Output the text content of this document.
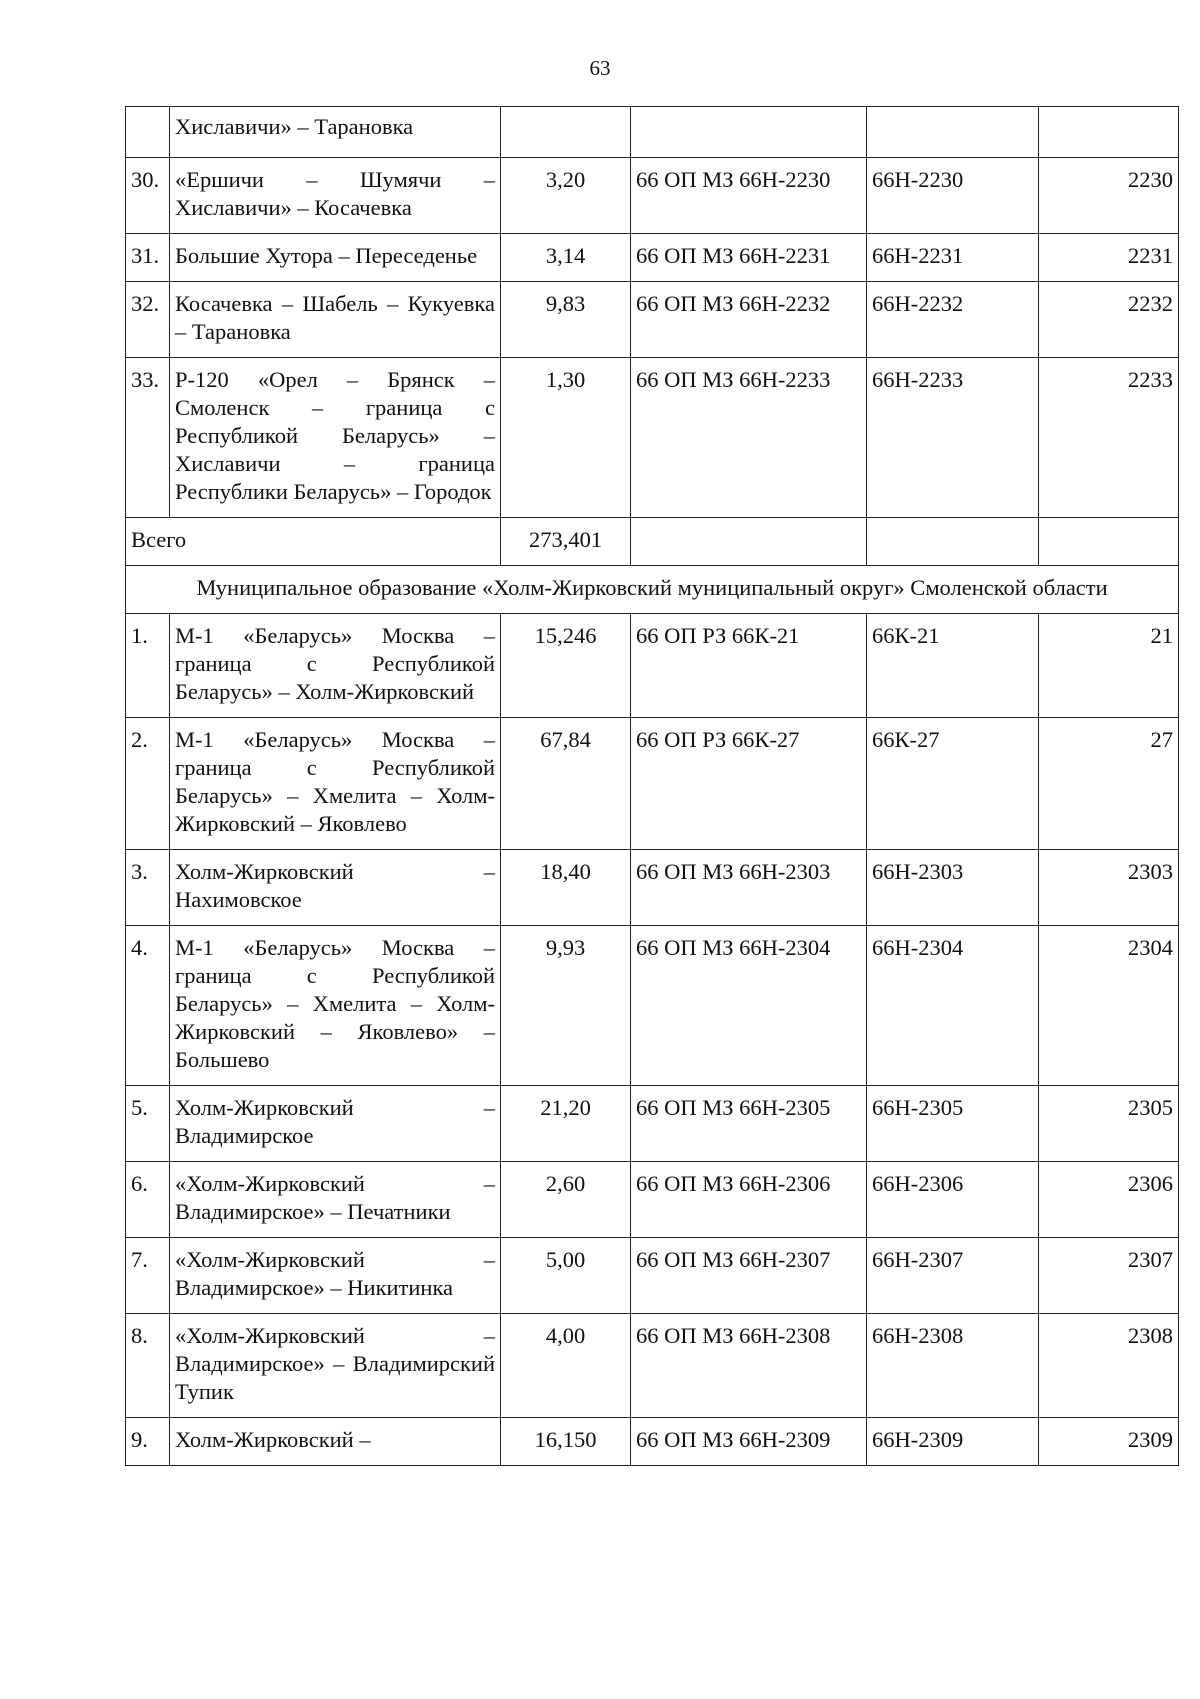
63
	Хиславичи» – Тарановка				
30.	«Ершичи – Шумячи – Хиславичи» – Косачевка	3,20	66 ОП МЗ 66Н-2230	66Н-2230	2230
31.	Большие Хутора – Переседенье	3,14	66 ОП МЗ 66Н-2231	66Н-2231	2231
32.	Косачевка – Шабель – Кукуевка – Тарановка	9,83	66 ОП МЗ 66Н-2232	66Н-2232	2232
33.	Р-120 «Орел – Брянск – Смоленск – граница с Республикой Беларусь» – Хиславичи – граница Республики Беларусь» – Городок	1,30	66 ОП МЗ 66Н-2233	66Н-2233	2233
Всего		273,401			
Муниципальное образование «Холм-Жирковский муниципальный округ» Смоленской области					
1.	М-1 «Беларусь» Москва – граница с Республикой Беларусь» – Холм-Жирковский	15,246	66 ОП РЗ 66К-21	66К-21	21
2.	М-1 «Беларусь» Москва – граница с Республикой Беларусь» – Хмелита – Холм-Жирковский – Яковлево	67,84	66 ОП РЗ 66К-27	66К-27	27
3.	Холм-Жирковский – Нахимовское	18,40	66 ОП МЗ 66Н-2303	66Н-2303	2303
4.	М-1 «Беларусь» Москва – граница с Республикой Беларусь» – Хмелита – Холм-Жирковский – Яковлево» – Большево	9,93	66 ОП МЗ 66Н-2304	66Н-2304	2304
5.	Холм-Жирковский – Владимирское	21,20	66 ОП МЗ 66Н-2305	66Н-2305	2305
6.	«Холм-Жирковский – Владимирское» – Печатники	2,60	66 ОП МЗ 66Н-2306	66Н-2306	2306
7.	«Холм-Жирковский – Владимирское» – Никитинка	5,00	66 ОП МЗ 66Н-2307	66Н-2307	2307
8.	«Холм-Жирковский – Владимирское» – Владимирский Тупик	4,00	66 ОП МЗ 66Н-2308	66Н-2308	2308
9.	Холм-Жирковский –	16,150	66 ОП МЗ 66Н-2309	66Н-2309	2309
